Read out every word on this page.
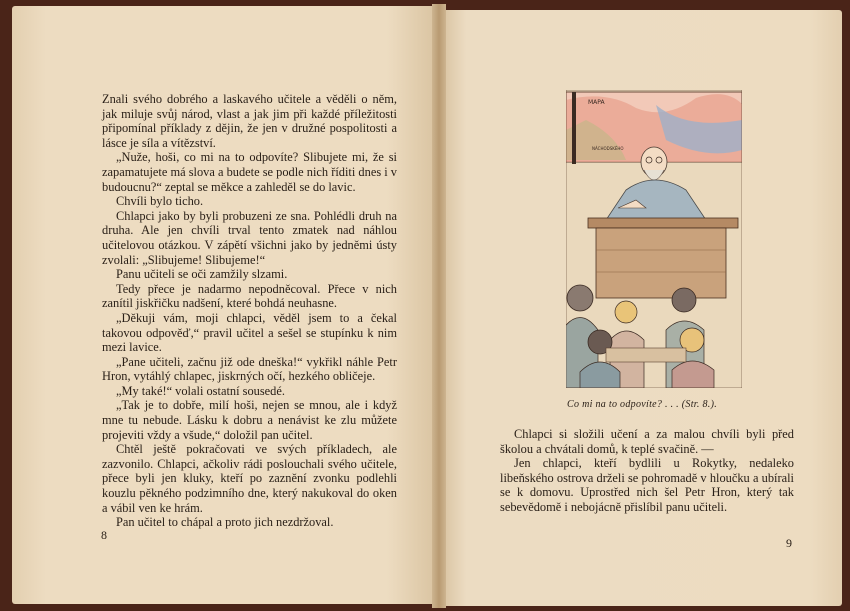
Znali svého dobrého a laskavého učitele a věděli o něm, jak miluje svůj národ, vlast a jak jim při každé příležitosti připomínal příklady z dějin, že jen v družné pospolitosti a lásce je síla a vítězství.

„Nuže, hoši, co mi na to odpovíte? Slibujete mi, že si zapamatujete má slova a budete se podle nich říditi dnes i v budoucnu?“ zeptal se měkce a zahleděl se do lavic.

Chvíli bylo ticho.

Chlapci jako by byli probuzeni ze sna. Pohlédli druh na druha. Ale jen chvíli trval tento zmatek nad náhlou učitelovou otázkou. V zápětí všichni jako by jedněmi ústy zvolali: „Slibujeme! Slibujeme!“

Panu učiteli se oči zamžily slzami.

Tedy přece je nadarmo nepodněcoval. Přece v nich zanítil jiskřičku nadšení, které bohdá neuhasne.

„Děkuji vám, moji chlapci, věděl jsem to a čekal takovou odpověď,“ pravil učitel a sešel se stupínku k nim mezi lavice.

„Pane učiteli, začnu již ode dneška!“ vykřikl náhle Petr Hron, vytáhlý chlapec, jiskrných očí, hezkého obličeje.

„My také!“ volali ostatní sousedé.

„Tak je to dobře, milí hoši, nejen se mnou, ale i když mne tu nebude. Lásku k dobru a nenávist ke zlu můžete projeviti vždy a všude,“ doložil pan učitel.

Chtěl ještě pokračovati ve svých příkladech, ale zazvonilo. Chlapci, ačkoliv rádi poslouchali svého učitele, přece byli jen kluky, kteří po zaznění zvonku podlehli kouzlu pěkného podzimního dne, který nakukoval do oken a vábil ven ke hrám.

Pan učitel to chápal a proto jich nezdržoval.

8
MAPA
NÁCHODSKÉHO
Co mi na to odpovíte? . . . (Str. 8.).

Chlapci si složili učení a za malou chvíli byli před školou a chvátali domů, k teplé svačině. —

Jen chlapci, kteří bydlili u Rokytky, nedaleko libeňského ostrova drželi se pohromadě v hloučku a ubírali se k domovu. Uprostřed nich šel Petr Hron, který tak sebevědomě i nebojácně přislíbil panu učiteli.

9
